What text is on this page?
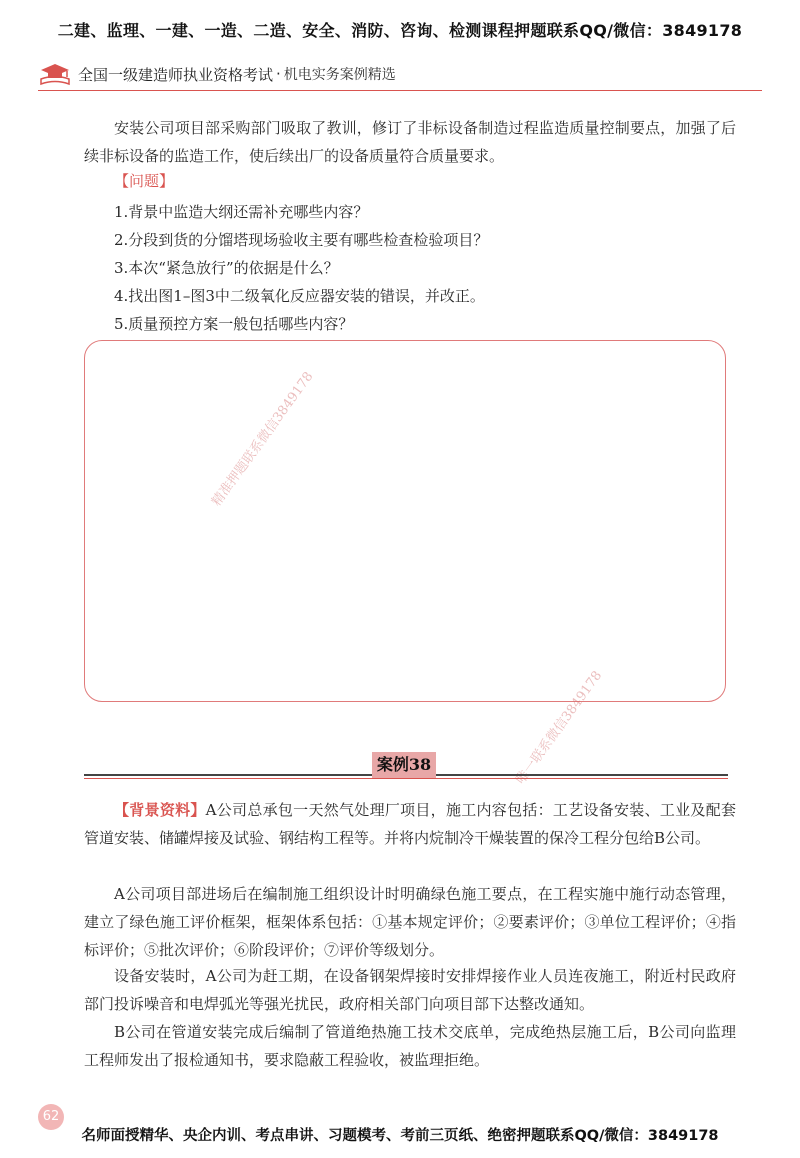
二建、监理、一建、一造、二造、安全、消防、咨询、检测课程押题联系QQ/微信：3849178
全国一级建造师执业资格考试 · 机电实务案例精选
安装公司项目部采购部门吸取了教训，修订了非标设备制造过程监造质量控制要点，加强了后续非标设备的监造工作，使后续出厂的设备质量符合质量要求。
【问题】
1.背景中监造大纲还需补充哪些内容？
2.分段到货的分馏塔现场验收主要有哪些检查检验项目？
3.本次“紧急放行”的依据是什么？
4.找出图1–图3中二级氧化反应器安装的错误，并改正。
5.质量预控方案一般包括哪些内容？
精准押题联系微信3849178
唯一联系微信3849178
案例38
【背景资料】A公司总承包一天然气处理厂项目，施工内容包括：工艺设备安装、工业及配套管道安装、储罐焊接及试验、钢结构工程等。并将内烷制冷干燥装置的保冷工程分包给B公司。
A公司项目部进场后在编制施工组织设计时明确绿色施工要点，在工程实施中施行动态管理，建立了绿色施工评价框架，框架体系包括：①基本规定评价；②要素评价；③单位工程评价；④指标评价；⑤批次评价；⑥阶段评价；⑦评价等级划分。
设备安装时，A公司为赶工期，在设备钢架焊接时安排焊接作业人员连夜施工，附近村民政府部门投诉噪音和电焊弧光等强光扰民，政府相关部门向项目部下达整改通知。
B公司在管道安装完成后编制了管道绝热施工技术交底单，完成绝热层施工后，B公司向监理工程师发出了报检通知书，要求隐蔽工程验收，被监理拒绝。
62
名师面授精华、央企内训、考点串讲、习题模考、考前三页纸、绝密押题联系QQ/微信：3849178
